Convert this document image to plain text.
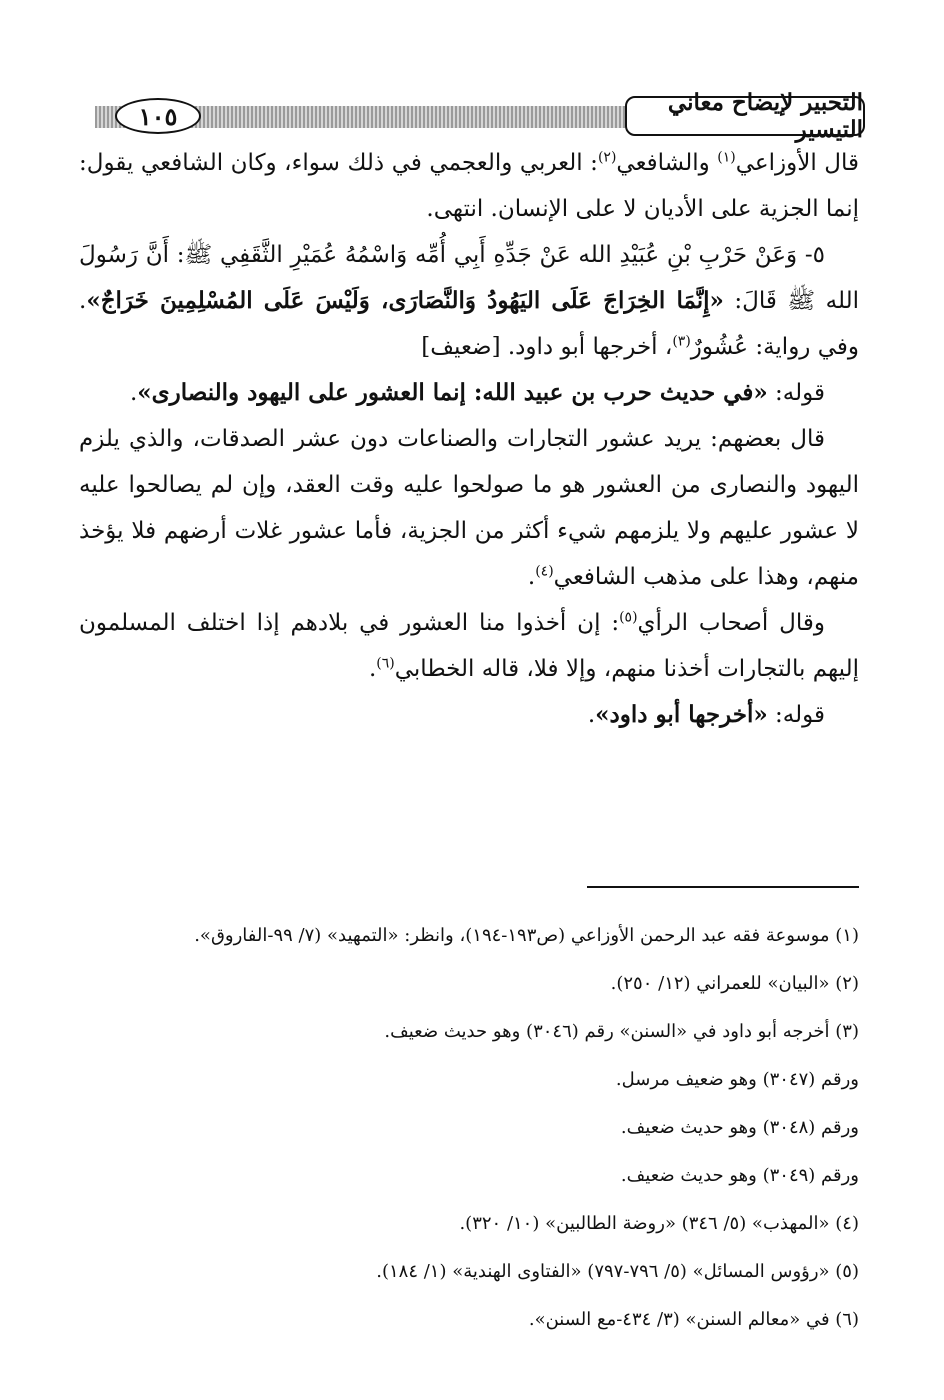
التحبير لإيضاح معاني التيسير
١٠٥

قال الأوزاعي$^{(١)}$ والشافعي$^{(٢)}$: العربي والعجمي في ذلك سواء، وكان الشافعي يقول: إنما الجزية على الأديان لا على الإنسان. انتهى.

٥- وَعَنْ حَرْبِ بْنِ عُبَيْدِ الله عَنْ جَدِّهِ أَبِي أُمِّه وَاسْمُهُ عُمَيْرِ الثَّقَفِي ﷺ: أَنَّ رَسُولَ الله ﷺ قَالَ: «إِنَّمَا الخِرَاجَ عَلَى اليَهُودُ وَالنَّصَارَى، وَلَيْسَ عَلَى المُسْلِمِينَ خَرَاجٌ». وفي رواية: عُشُورٌ$^{(٣)}$، أخرجها أبو داود. [ضعيف]

قوله: «في حديث حرب بن عبيد الله: إنما العشور على اليهود والنصارى».

قال بعضهم: يريد عشور التجارات والصناعات دون عشر الصدقات، والذي يلزم اليهود والنصارى من العشور هو ما صولحوا عليه وقت العقد، وإن لم يصالحوا عليه لا عشور عليهم ولا يلزمهم شيء أكثر من الجزية، فأما عشور غلات أرضهم فلا يؤخذ منهم، وهذا على مذهب الشافعي$^{(٤)}$.

وقال أصحاب الرأي$^{(٥)}$: إن أخذوا منا العشور في بلادهم إذا اختلف المسلمون إليهم بالتجارات أخذنا منهم، وإلا فلا، قاله الخطابي$^{(٦)}$.

قوله: «أخرجها أبو داود».

(١) موسوعة فقه عبد الرحمن الأوزاعي (ص١٩٣-١٩٤)، وانظر: «التمهيد» (٧/ ٩٩-الفاروق».
(٢) «البيان» للعمراني (١٢/ ٢٥٠).
(٣) أخرجه أبو داود في «السنن» رقم (٣٠٤٦) وهو حديث ضعيف.
ورقم (٣٠٤٧) وهو ضعيف مرسل.
ورقم (٣٠٤٨) وهو حديث ضعيف.
ورقم (٣٠٤٩) وهو حديث ضعيف.
(٤) «المهذب» (٥/ ٣٤٦) «روضة الطالبين» (١٠/ ٣٢٠).
(٥) «رؤوس المسائل» (٥/ ٧٩٦-٧٩٧) «الفتاوى الهندية» (١/ ١٨٤).
(٦) في «معالم السنن» (٣/ ٤٣٤-مع السنن».
